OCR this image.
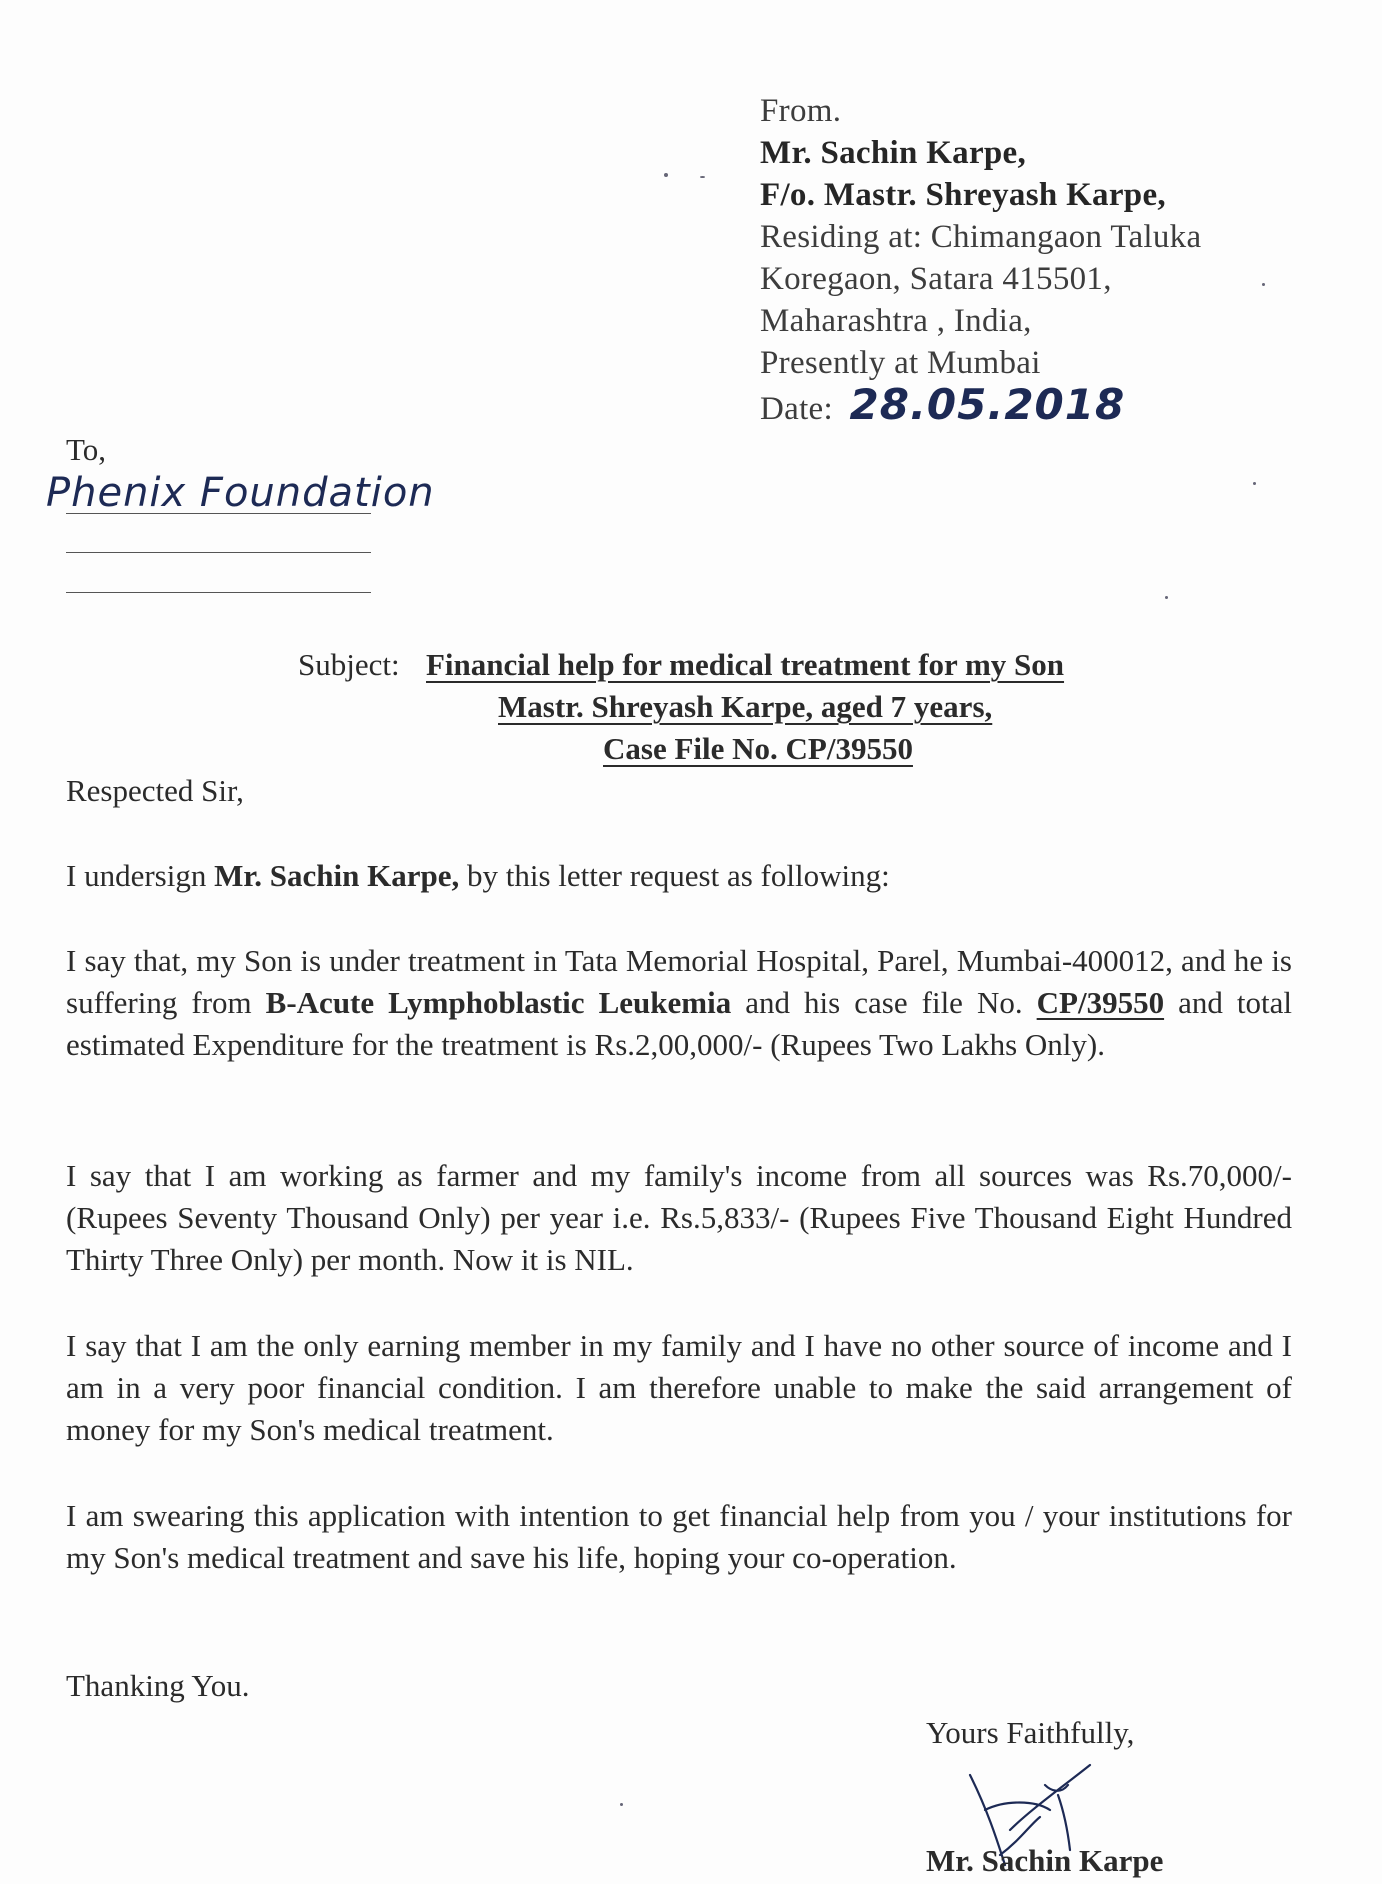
From.
Mr. Sachin Karpe,
F/o. Mastr. Shreyash Karpe,
Residing at: Chimangaon Taluka
Koregaon, Satara 415501,
Maharashtra , India,
Presently at Mumbai
Date: 28.05.2018
To,
Phenix Foundation
Subject: Financial help for medical treatment for my Son
Mastr. Shreyash Karpe, aged 7 years,
Case File No. CP/39550
Respected Sir,
I undersign Mr. Sachin Karpe, by this letter request as following:
I say that, my Son is under treatment in Tata Memorial Hospital, Parel, Mumbai-400012, and he is suffering from B-Acute Lymphoblastic Leukemia and his case file No. CP/39550 and total estimated Expenditure for the treatment is Rs.2,00,000/- (Rupees Two Lakhs Only).
I say that I am working as farmer and my family's income from all sources was Rs.70,000/- (Rupees Seventy Thousand Only) per year i.e. Rs.5,833/- (Rupees Five Thousand Eight Hundred Thirty Three Only) per month. Now it is NIL.
I say that I am the only earning member in my family and I have no other source of income and I am in a very poor financial condition. I am therefore unable to make the said arrangement of money for my Son's medical treatment.
I am swearing this application with intention to get financial help from you / your institutions for my Son's medical treatment and save his life, hoping your co-operation.
Thanking You.
Yours Faithfully,
Mr. Sachin Karpe
